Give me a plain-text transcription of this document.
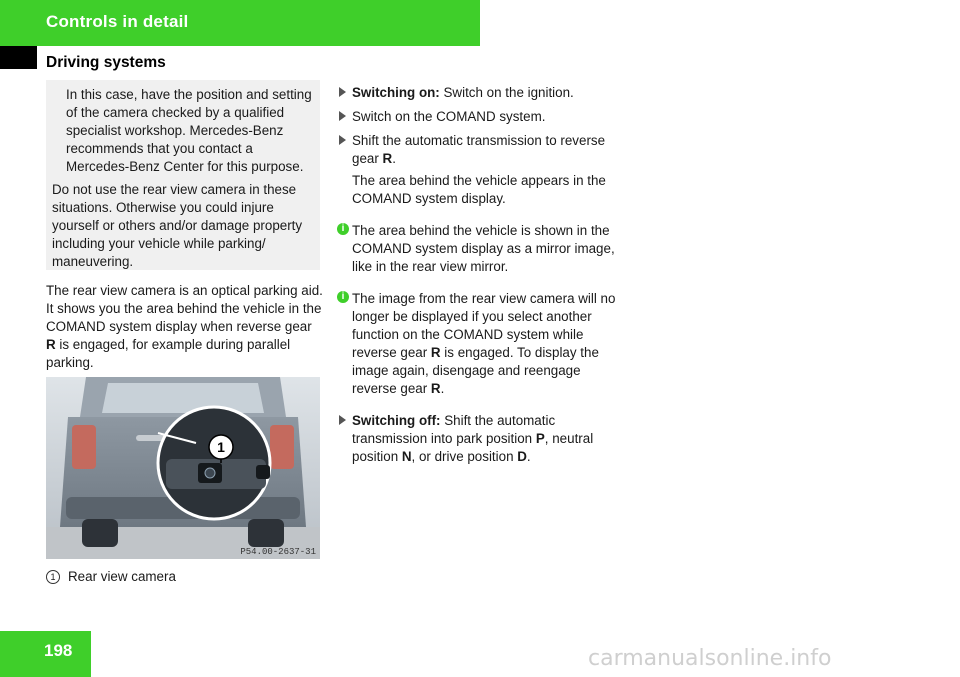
Controls in detail
Driving systems

In this case, have the position and setting of the camera checked by a qualified specialist workshop. Mercedes-Benz recommends that you contact a Mercedes-Benz Center for this purpose.

Do not use the rear view camera in these situations. Otherwise you could injure yourself or others and/or damage property including your vehicle while parking/ maneuvering.

The rear view camera is an optical parking aid. It shows you the area behind the vehicle in the COMAND system display when reverse gear R is engaged, for example during parallel parking.

1
P54.00-2637-31
1 Rear view camera

Switching on: Switch on the ignition.

Switch on the COMAND system.

Shift the automatic transmission to reverse gear R.

The area behind the vehicle appears in the COMAND system display.

i The area behind the vehicle is shown in the COMAND system display as a mirror image, like in the rear view mirror.

i The image from the rear view camera will no longer be displayed if you select another function on the COMAND system while reverse gear R is engaged. To display the image again, disengage and reengage reverse gear R.

Switching off: Shift the automatic transmission into park position P, neutral position N, or drive position D.

198	carmanualsonline.info
